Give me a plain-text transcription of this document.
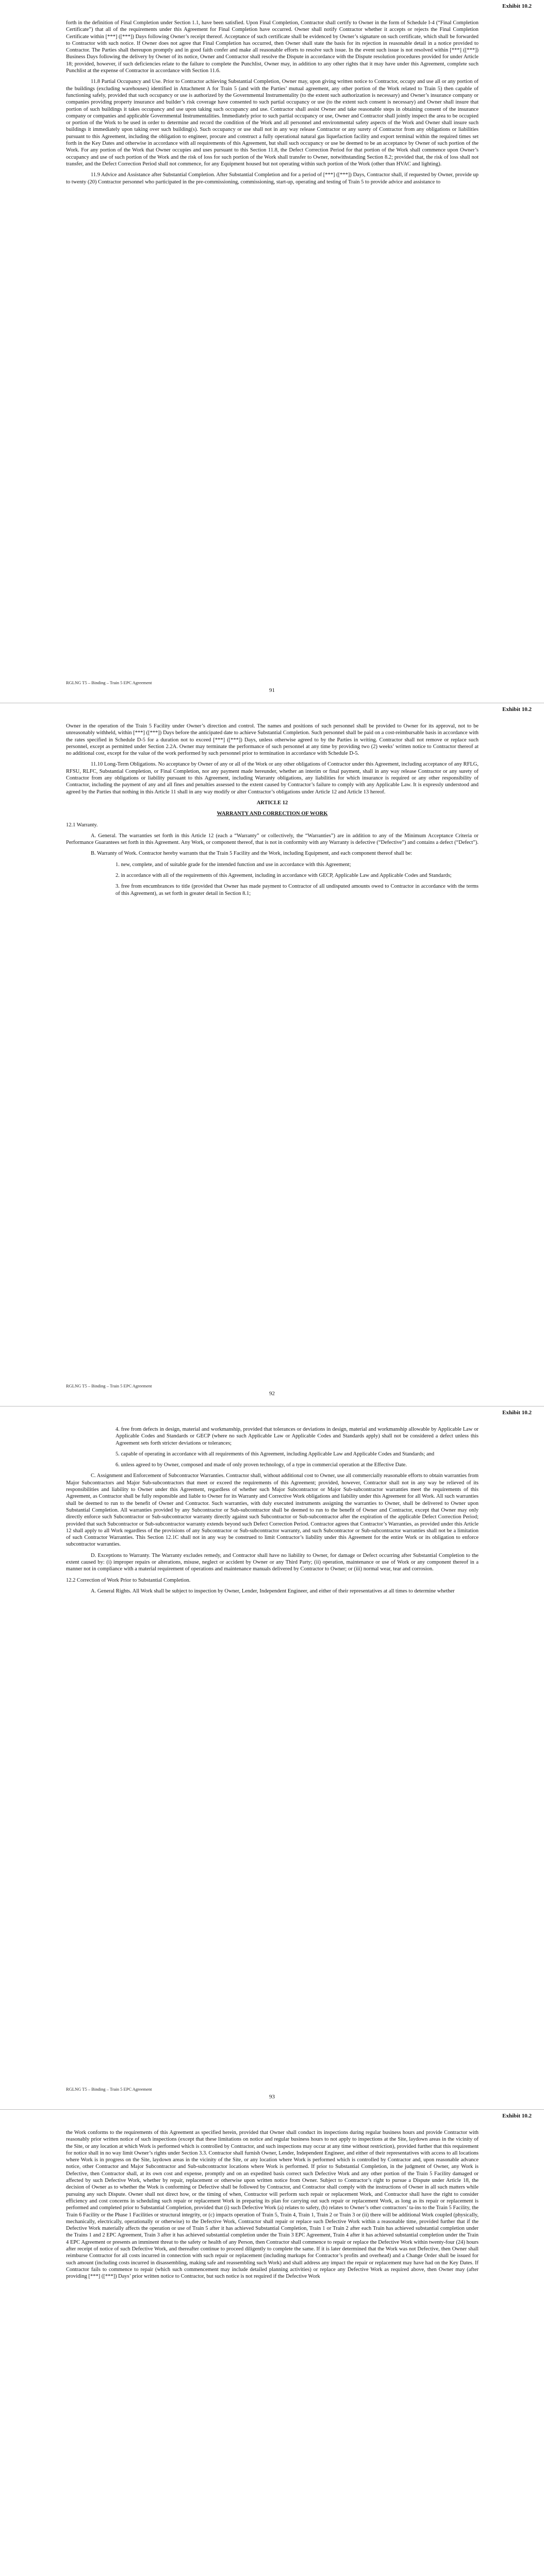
Exhibit 10.2

forth in the definition of Final Completion under Section 1.1, have been satisfied. Upon Final Completion, Contractor shall certify to Owner in the form of Schedule I-4 (“Final Completion Certificate”) that all of the requirements under this Agreement for Final Completion have occurred. Owner shall notify Contractor whether it accepts or rejects the Final Completion Certificate within [***] ([***]) Days following Owner’s receipt thereof. Acceptance of such certificate shall be evidenced by Owner’s signature on such certificate, which shall be forwarded to Contractor with such notice. If Owner does not agree that Final Completion has occurred, then Owner shall state the basis for its rejection in reasonable detail in a notice provided to Contractor. The Parties shall thereupon promptly and in good faith confer and make all reasonable efforts to resolve such issue. In the event such issue is not resolved within [***] ([***]) Business Days following the delivery by Owner of its notice, Owner and Contractor shall resolve the Dispute in accordance with the Dispute resolution procedures provided for under Article 18; provided, however, if such deficiencies relate to the failure to complete the Punchlist, Owner may, in addition to any other rights that it may have under this Agreement, complete such Punchlist at the expense of Contractor in accordance with Section 11.6.

11.8 Partial Occupancy and Use. Prior to Contractor achieving Substantial Completion, Owner may, upon giving written notice to Contractor, occupy and use all or any portion of the buildings (excluding warehouses) identified in Attachment A for Train 5 (and with the Parties’ mutual agreement, any other portion of the Work related to Train 5) then capable of functioning safely, provided that such occupancy or use is authorized by the Governmental Instrumentality (to the extent such authorization is necessary) and Owner’s insurance company or companies providing property insurance and builder’s risk coverage have consented to such partial occupancy or use (to the extent such consent is necessary) and Owner shall insure that portion of such buildings it takes occupancy and use upon taking such occupancy and use. Contractor shall assist Owner and take reasonable steps in obtaining consent of the insurance company or companies and applicable Governmental Instrumentalities. Immediately prior to such partial occupancy or use, Owner and Contractor shall jointly inspect the area to be occupied or portion of the Work to be used in order to determine and record the condition of the Work and all personnel and environmental safety aspects of the Work and Owner shall insure such buildings it immediately upon taking over such building(s). Such occupancy or use shall not in any way release Contractor or any surety of Contractor from any obligations or liabilities pursuant to this Agreement, including the obligation to engineer, procure and construct a fully operational natural gas liquefaction facility and export terminal within the required times set forth in the Key Dates and otherwise in accordance with all requirements of this Agreement, but shall such occupancy or use be deemed to be an acceptance by Owner of such portion of the Work. For any portion of the Work that Owner occupies and uses pursuant to this Section 11.8, the Defect Correction Period for that portion of the Work shall commence upon Owner’s occupancy and use of such portion of the Work and the risk of loss for such portion of the Work shall transfer to Owner, notwithstanding Section 8.2; provided that, the risk of loss shall not transfer, and the Defect Correction Period shall not commence, for any Equipment housed but not operating within such portion of the Work (other than HVAC and lighting).

11.9 Advice and Assistance after Substantial Completion. After Substantial Completion and for a period of [***] ([***]) Days, Contractor shall, if requested by Owner, provide up to twenty (20) Contractor personnel who participated in the pre-commissioning, commissioning, start-up, operating and testing of Train 5 to provide advice and assistance to

RGLNG T5 – Binding – Train 5 EPC Agreement
91
Exhibit 10.2

Owner in the operation of the Train 5 Facility under Owner’s direction and control. The names and positions of such personnel shall be provided to Owner for its approval, not to be unreasonably withheld, within [***] ([***]) Days before the anticipated date to achieve Substantial Completion. Such personnel shall be paid on a cost-reimbursable basis in accordance with the rates specified in Schedule D-5 for a duration not to exceed [***] ([***]) Days, unless otherwise agreed to by the Parties in writing. Contractor shall not remove or replace such personnel, except as permitted under Section 2.2A. Owner may terminate the performance of such personnel at any time by providing two (2) weeks’ written notice to Contractor thereof at no additional cost, except for the value of the work performed by such personnel prior to termination in accordance with Schedule D-5.

11.10 Long-Term Obligations. No acceptance by Owner of any or all of the Work or any other obligations of Contractor under this Agreement, including acceptance of any RFLG, RFSU, RLFC, Substantial Completion, or Final Completion, nor any payment made hereunder, whether an interim or final payment, shall in any way release Contractor or any surety of Contractor from any obligations or liability pursuant to this Agreement, including Warranty obligations, any liabilities for which insurance is required or any other responsibility of Contractor, including the payment of any and all fines and penalties assessed to the extent caused by Contractor’s failure to comply with any Applicable Law. It is expressly understood and agreed by the Parties that nothing in this Article 11 shall in any way modify or alter Contractor’s obligations under Article 12 and Article 13 hereof.

ARTICLE 12

WARRANTY AND CORRECTION OF WORK

12.1 Warranty.

A. General. The warranties set forth in this Article 12 (each a “Warranty” or collectively, the “Warranties”) are in addition to any of the Minimum Acceptance Criteria or Performance Guarantees set forth in this Agreement. Any Work, or component thereof, that is not in conformity with any Warranty is defective (“Defective”) and contains a defect (“Defect”).

B. Warranty of Work. Contractor hereby warrants that the Train 5 Facility and the Work, including Equipment, and each component thereof shall be:

1. new, complete, and of suitable grade for the intended function and use in accordance with this Agreement;

2. in accordance with all of the requirements of this Agreement, including in accordance with GECP, Applicable Law and Applicable Codes and Standards;

3. free from encumbrances to title (provided that Owner has made payment to Contractor of all undisputed amounts owed to Contractor in accordance with the terms of this Agreement), as set forth in greater detail in Section 8.1;

RGLNG T5 – Binding – Train 5 EPC Agreement
92
Exhibit 10.2

4. free from defects in design, material and workmanship, provided that tolerances or deviations in design, material and workmanship allowable by Applicable Law or Applicable Codes and Standards or GECP (where no such Applicable Law or Applicable Codes and Standards apply) shall not be considered a defect unless this Agreement sets forth stricter deviations or tolerances;

5. capable of operating in accordance with all requirements of this Agreement, including Applicable Law and Applicable Codes and Standards; and

6. unless agreed to by Owner, composed and made of only proven technology, of a type in commercial operation at the Effective Date.

C. Assignment and Enforcement of Subcontractor Warranties. Contractor shall, without additional cost to Owner, use all commercially reasonable efforts to obtain warranties from Major Subcontractors and Major Sub-subcontractors that meet or exceed the requirements of this Agreement; provided, however, Contractor shall not in any way be relieved of its responsibilities and liability to Owner under this Agreement, regardless of whether such Major Subcontractor or Major Sub-subcontractor warranties meet the requirements of this Agreement, as Contractor shall be fully responsible and liable to Owner for its Warranty and Corrective Work obligations and liability under this Agreement for all Work. All such warranties shall be deemed to run to the benefit of Owner and Contractor. Such warranties, with duly executed instruments assigning the warranties to Owner, shall be delivered to Owner upon Substantial Completion. All warranties provided by any Subcontractor or Sub-subcontractor shall be deemed to run to the benefit of Owner and Contractor, except that Owner may only directly enforce such Subcontractor or Sub-subcontractor warranty directly against such Subcontractor or Sub-subcontractor after the expiration of the applicable Defect Correction Period; provided that such Subcontractor or Sub-subcontractor warranty extends beyond such Defect Correction Period. Contractor agrees that Contractor’s Warranties, as provided under this Article 12 shall apply to all Work regardless of the provisions of any Subcontractor or Sub-subcontractor warranty, and such Subcontractor or Sub-subcontractor warranties shall not be a limitation of such Contractor Warranties. This Section 12.1C shall not in any way be construed to limit Contractor’s liability under this Agreement for the entire Work or its obligation to enforce subcontractor warranties.

D. Exceptions to Warranty. The Warranty excludes remedy, and Contractor shall have no liability to Owner, for damage or Defect occurring after Substantial Completion to the extent caused by: (i) improper repairs or alterations, misuse, neglect or accident by Owner or any Third Party; (ii) operation, maintenance or use of Work or any component thereof in a manner not in compliance with a material requirement of operations and maintenance manuals delivered by Contractor to Owner; or (iii) normal wear, tear and corrosion.

12.2 Correction of Work Prior to Substantial Completion.

A. General Rights. All Work shall be subject to inspection by Owner, Lender, Independent Engineer, and either of their representatives at all times to determine whether

RGLNG T5 – Binding – Train 5 EPC Agreement
93
Exhibit 10.2

the Work conforms to the requirements of this Agreement as specified herein, provided that Owner shall conduct its inspections during regular business hours and provide Contractor with reasonably prior written notice of such inspections (except that these limitations on notice and regular business hours to not apply to inspections at the Site, laydown areas in the vicinity of the Site, or any location at which Work is performed which is controlled by Contractor, and such inspections may occur at any time without restriction), provided further that this requirement for notice shall in no way limit Owner’s rights under Section 3.3. Contractor shall furnish Owner, Lender, Independent Engineer, and either of their representatives with access to all locations where Work is in progress on the Site, laydown areas in the vicinity of the Site, or any location where Work is performed which is controlled by Contractor and, upon reasonable advance notice, other Contractor and Major Subcontractor and Sub-subcontractor locations where Work is performed. If prior to Substantial Completion, in the judgment of Owner, any Work is Defective, then Contractor shall, at its own cost and expense, promptly and on an expedited basis correct such Defective Work and any other portion of the Train 5 Facility damaged or affected by such Defective Work, whether by repair, replacement or otherwise upon written notice from Owner. Subject to Contractor’s right to pursue a Dispute under Article 18, the decision of Owner as to whether the Work is conforming or Defective shall be followed by Contractor, and Contractor shall comply with the instructions of Owner in all such matters while pursuing any such Dispute. Owner shall not direct how, or the timing of when, Contractor will perform such repair or replacement Work, and Contractor shall have the right to consider efficiency and cost concerns in scheduling such repair or replacement Work in preparing its plan for carrying out such repair or replacement Work, as long as its repair or replacement is performed and completed prior to Substantial Completion, provided that (i) such Defective Work (a) relates to safety, (b) relates to Owner’s other contractors’ ta-ins to the Train 5 Facility, the Train 6 Facility or the Phase 1 Facilities or structural integrity, or (c) impacts operation of Train 5, Train 4, Train 1, Train 2 or Train 3 or (ii) there will be additional Work coupled (physically, mechanically, electrically, operationally or otherwise) to the Defective Work, Contractor shall repair or replace such Defective Work within a reasonable time, provided further that if the Defective Work materially affects the operation or use of Train 5 after it has achieved Substantial Completion, Train 1 or Train 2 after each Train has achieved substantial completion under the Trains 1 and 2 EPC Agreement, Train 3 after it has achieved substantial completion under the Train 3 EPC Agreement, Train 4 after it has achieved substantial completion under the Train 4 EPC Agreement or presents an imminent threat to the safety or health of any Person, then Contractor shall commence to repair or replace the Defective Work within twenty-four (24) hours after receipt of notice of such Defective Work, and thereafter continue to proceed diligently to complete the same. If it is later determined that the Work was not Defective, then Owner shall reimburse Contractor for all costs incurred in connection with such repair or replacement (including markups for Contractor’s profits and overhead) and a Change Order shall be issued for such amount (including costs incurred in disassembling, making safe and reassembling such Work) and shall address any impact the repair or replacement may have had on the Key Dates. If Contractor fails to commence to repair (which such commencement may include detailed planning activities) or replace any Defective Work as required above, then Owner may (after providing [***] ([***]) Days’ prior written notice to Contractor, but such notice is not required if the Defective Work
